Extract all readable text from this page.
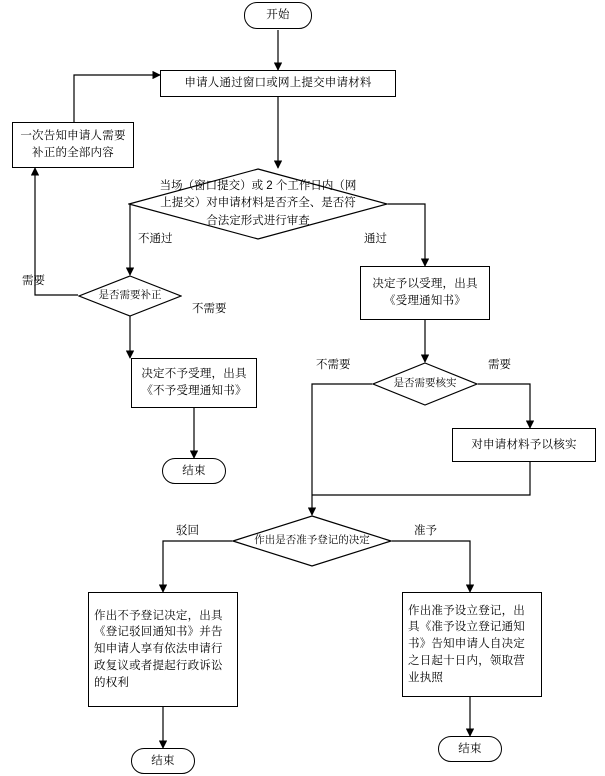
开始
申请人通过窗口或网上提交申请材料
一次告知申请人需要补正的全部内容
当场（窗口提交）或 2 个工作日内（网上提交）对申请材料是否齐全、是否符合法定形式进行审查
是否需要补正
决定予以受理，出具《受理通知书》
决定不予受理，出具《不予受理通知书》
结束
是否需要核实
对申请材料予以核实
作出是否准予登记的决定
作出不予登记决定，出具《登记驳回通知书》并告知申请人享有依法申请行政复议或者提起行政诉讼的权利
作出准予设立登记，出具《准予设立登记通知书》告知申请人自决定之日起十日内，领取营业执照
结束
结束
不通过	通过
需要
不需要
不需要	需要
驳回	准予
